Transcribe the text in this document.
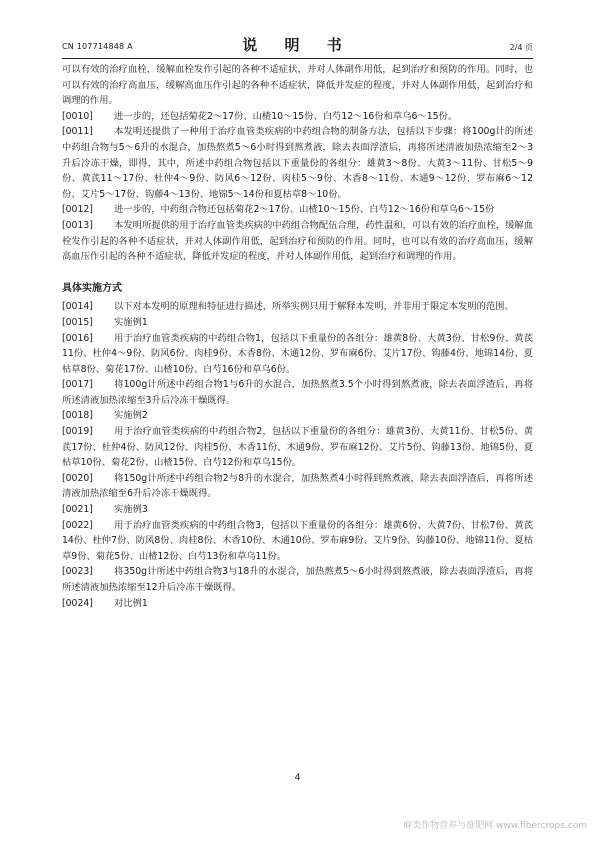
CN 107714848 A	说 明 书	2/4 页

可以有效的治疗血栓，缓解血栓发作引起的各种不适症状，并对人体副作用低，起到治疗和预防的作用。同时，也可以有效的治疗高血压，缓解高血压作引起的各种不适症状，降低并发症的程度，并对人体副作用低，起到治疗和调理的作用。

[0010] 进一步的，还包括菊花2～17份、山楂10～15份、白芍12～16份和草乌6～15份。

[0011] 本发明还提供了一种用于治疗血管类疾病的中药组合物的制备方法，包括以下步骤：将100g计的所述中药组合物与5～6升的水混合，加热熬煮5～6小时得到熬煮液，除去表面浮渣后，再将所述清液加热浓缩至2～3升后冷冻干燥，即得，其中，所述中药组合物包括以下重量份的各组分：雄黄3～8份、大黄3～11份、甘松5～9份、黄芪11～17份、杜仲4～9份、防风6～12份、肉桂5～9份、木香8～11份、木通9～12份、罗布麻6～12份、艾片5～17份、钩藤4～13份、地锦5～14份和夏枯草8～10份。

[0012] 进一步的，中药组合物还包括菊花2～17份、山楂10～15份、白芍12～16份和草乌6～15份

[0013] 本发明所提供的用于治疗血管类疾病的中药组合物配伍合理，药性温和，可以有效的治疗血栓，缓解血栓发作引起的各种不适症状，并对人体副作用低，起到治疗和预防的作用。同时，也可以有效的治疗高血压，缓解高血压作引起的各种不适症状，降低并发症的程度，并对人体副作用低，起到治疗和调理的作用。

具体实施方式

[0014] 以下对本发明的原理和特征进行描述，所举实例只用于解释本发明，并非用于限定本发明的范围。

[0015] 实施例1

[0016] 用于治疗血管类疾病的中药组合物1，包括以下重量份的各组分：雄黄8份、大黄3份、甘松9份、黄芪11份、杜仲4～9份、防风6份、肉桂9份、木香8份、木通12份、罗布麻6份、艾片17份、钩藤4份、地锦14份、夏枯草8份、菊花17份、山楂10份、白芍16份和草乌6份。

[0017] 将100g计所述中药组合物1与6升的水混合，加热熬煮3.5个小时得到熬煮液，除去表面浮渣后，再将所述清液加热浓缩至3升后冷冻干燥既得。

[0018] 实施例2

[0019] 用于治疗血管类疾病的中药组合物2，包括以下重量份的各组分：雄黄3份、大黄11份、甘松5份、黄芪17份、杜仲4份、防风12份、肉桂5份、木香11份、木通9份、罗布麻12份、艾片5份、钩藤13份、地锦5份、夏枯草10份、菊花2份、山楂15份、白芍12份和草乌15份。

[0020] 将150g计所述中药组合物2与8升的水混合，加热熬煮4小时得到熬煮液，除去表面浮渣后，再将所述清液加热浓缩至6升后冷冻干燥既得。

[0021] 实施例3

[0022] 用于治疗血管类疾病的中药组合物3，包括以下重量份的各组分：雄黄6份、大黄7份、甘松7份、黄芪14份、杜仲7份、防风8份、肉桂8份、木香10份、木通10份、罗布麻9份、艾片9份、钩藤10份、地锦11份、夏枯草9份、菊花5份、山楂12份、白芍13份和草乌11份。

[0023] 将350g计所述中药组合物3与18升的水混合，加热熬煮5～6小时得到熬煮液，除去表面浮渣后，再将所述清液加热浓缩至12升后冷冻干燥既得。

[0024] 对比例1

4
麻类作物营养与施肥网 www.fibercrops.com
